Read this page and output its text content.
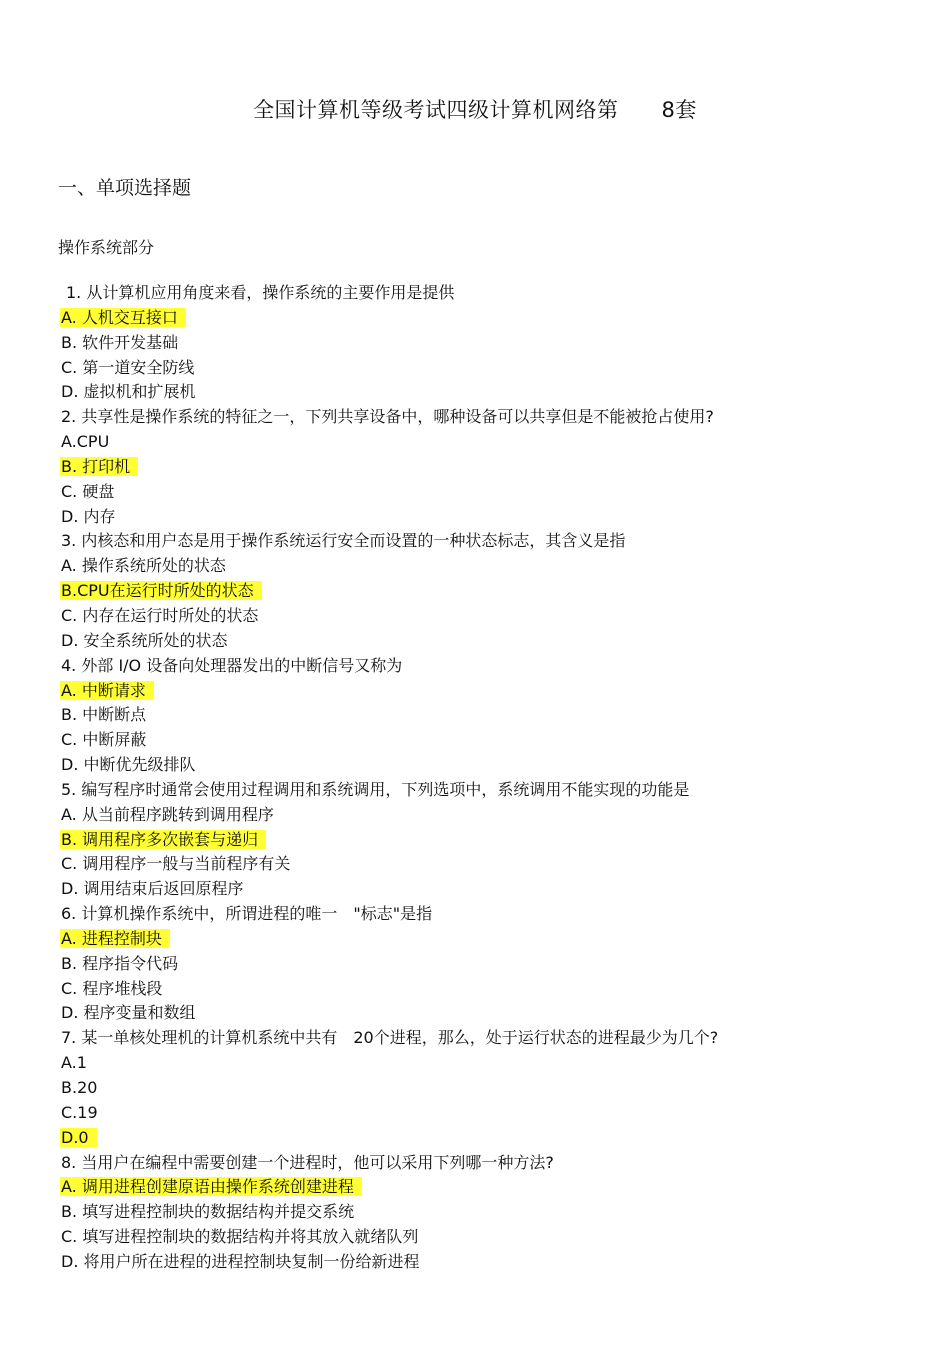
全国计算机等级考试四级计算机网络第　　8套
一、单项选择题
操作系统部分
1. 从计算机应用角度来看，操作系统的主要作用是提供
A. 人机交互接口
B. 软件开发基础
C. 第一道安全防线
D. 虚拟机和扩展机
2. 共享性是操作系统的特征之一，下列共享设备中，哪种设备可以共享但是不能被抢占使用?
A.CPU
B. 打印机
C. 硬盘
D. 内存
3. 内核态和用户态是用于操作系统运行安全而设置的一种状态标志，其含义是指
A. 操作系统所处的状态
B.CPU在运行时所处的状态
C. 内存在运行时所处的状态
D. 安全系统所处的状态
4. 外部 I/O 设备向处理器发出的中断信号又称为
A. 中断请求
B. 中断断点
C. 中断屏蔽
D. 中断优先级排队
5. 编写程序时通常会使用过程调用和系统调用，下列选项中，系统调用不能实现的功能是
A. 从当前程序跳转到调用程序
B. 调用程序多次嵌套与递归
C. 调用程序一般与当前程序有关
D. 调用结束后返回原程序
6. 计算机操作系统中，所谓进程的唯一　"标志"是指
A. 进程控制块
B. 程序指令代码
C. 程序堆栈段
D. 程序变量和数组
7. 某一单核处理机的计算机系统中共有　20个进程，那么，处于运行状态的进程最少为几个?
A.1
B.20
C.19
D.0
8. 当用户在编程中需要创建一个进程时，他可以采用下列哪一种方法?
A. 调用进程创建原语由操作系统创建进程
B. 填写进程控制块的数据结构并提交系统
C. 填写进程控制块的数据结构并将其放入就绪队列
D. 将用户所在进程的进程控制块复制一份给新进程
